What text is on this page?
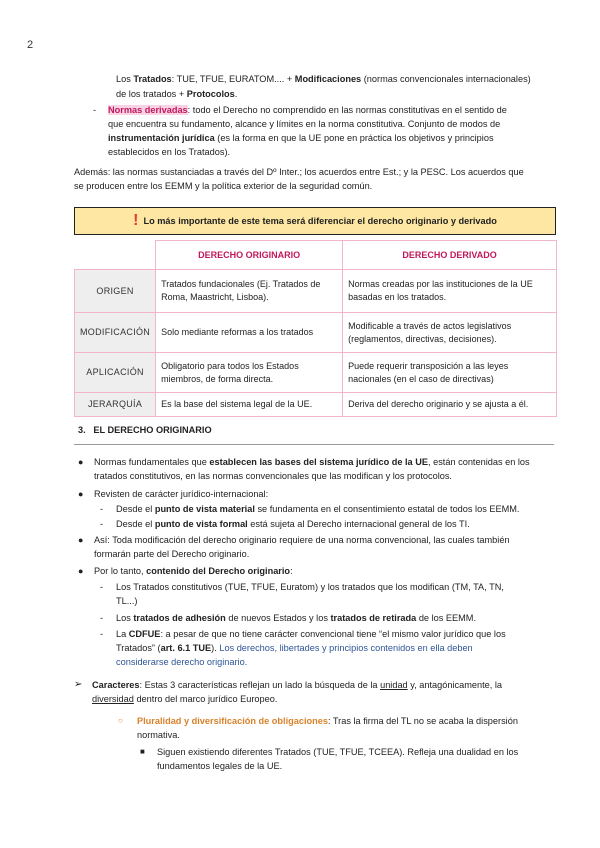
2
Los Tratados: TUE, TFUE, EURATOM.... + Modificaciones (normas convencionales internacionales)
de los tratados + Protocolos.
- Normas derivadas: todo el Derecho no comprendido en las normas constitutivas en el sentido de
que encuentra su fundamento, alcance y límites en la norma constitutiva. Conjunto de modos de
instrumentación jurídica (es la forma en que la UE pone en práctica los objetivos y principios
establecidos en los Tratados).
Además: las normas sustanciadas a través del Dº Inter.; los acuerdos entre Est.; y la PESC. Los acuerdos que
se producen entre los EEMM y la política exterior de la seguridad común.
! Lo más importante de este tema será diferenciar el derecho originario y derivado
	DERECHO ORIGINARIO	DERECHO DERIVADO
ORIGEN	Tratados fundacionales (Ej. Tratados de Roma, Maastricht, Lisboa).	Normas creadas por las instituciones de la UE basadas en los tratados.
MODIFICACIÓN	Solo mediante reformas a los tratados	Modificable a través de actos legislativos (reglamentos, directivas, decisiones).
APLICACIÓN	Obligatorio para todos los Estados miembros, de forma directa.	Puede requerir transposición a las leyes nacionales (en el caso de directivas)
JERARQUÍA	Es la base del sistema legal de la UE.	Deriva del derecho originario y se ajusta a él.
3. EL DERECHO ORIGINARIO
● Normas fundamentales que establecen las bases del sistema jurídico de la UE, están contenidas en los
tratados constitutivos, en las normas convencionales que las modifican y los protocolos.
● Revisten de carácter jurídico-internacional:
- Desde el punto de vista material se fundamenta en el consentimiento estatal de todos los EEMM.
- Desde el punto de vista formal está sujeta al Derecho internacional general de los TI.
● Así: Toda modificación del derecho originario requiere de una norma convencional, las cuales también
formarán parte del Derecho originario.
● Por lo tanto, contenido del Derecho originario:
- Los Tratados constitutivos (TUE, TFUE, Euratom) y los tratados que los modifican (TM, TA, TN,
TL...)
- Los tratados de adhesión de nuevos Estados y los tratados de retirada de los EEMM.
- La CDFUE: a pesar de que no tiene carácter convencional tiene “el mismo valor jurídico que los
Tratados” (art. 6.1 TUE). Los derechos, libertades y principios contenidos en ella deben
considerarse derecho originario.
➢ Caracteres: Estas 3 características reflejan un lado la búsqueda de la unidad y, antagónicamente, la
diversidad dentro del marco jurídico Europeo.
○ Pluralidad y diversificación de obligaciones: Tras la firma del TL no se acaba la dispersión
normativa.
■ Siguen existiendo diferentes Tratados (TUE, TFUE, TCEEA). Refleja una dualidad en los
fundamentos legales de la UE.
